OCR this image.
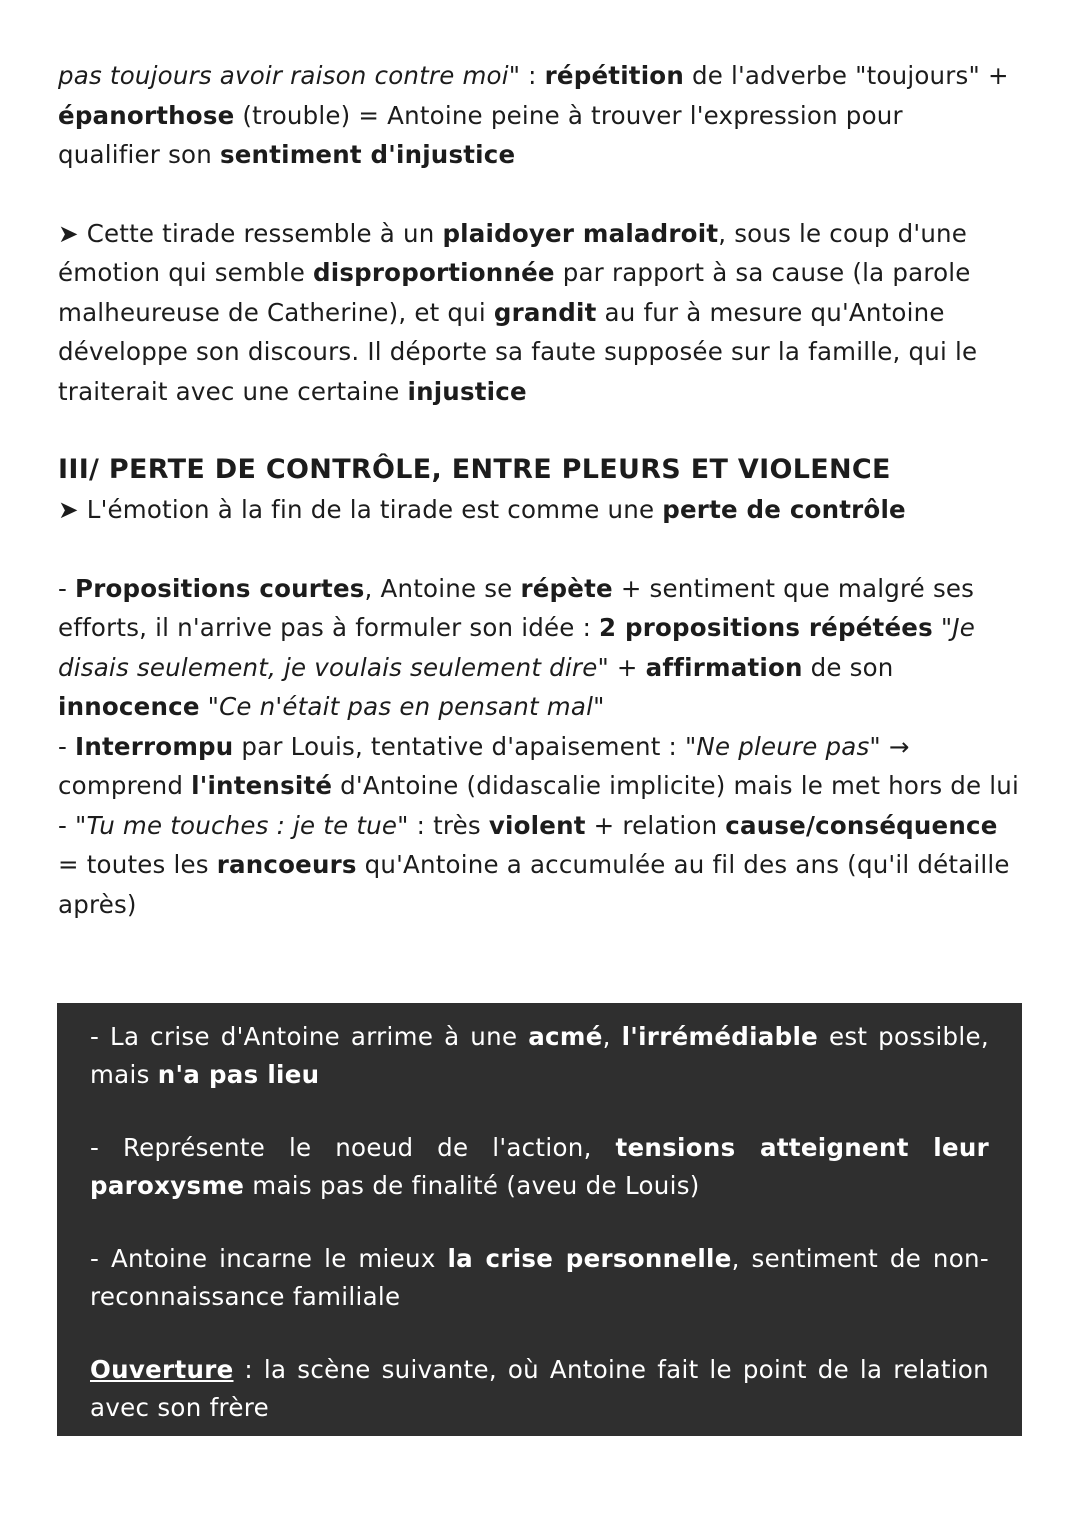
pas toujours avoir raison contre moi" : répétition de l'adverbe "toujours" +
épanorthose (trouble) = Antoine peine à trouver l'expression pour
qualifier son sentiment d'injustice

➤ Cette tirade ressemble à un plaidoyer maladroit, sous le coup d'une émotion qui semble disproportionnée par rapport à sa cause (la parole malheureuse de Catherine), et qui grandit au fur à mesure qu'Antoine développe son discours. Il déporte sa faute supposée sur la famille, qui le traiterait avec une certaine injustice

III/ PERTE DE CONTRÔLE, ENTRE PLEURS ET VIOLENCE

➤ L'émotion à la fin de la tirade est comme une perte de contrôle

- Propositions courtes, Antoine se répète + sentiment que malgré ses efforts, il n'arrive pas à formuler son idée : 2 propositions répétées "Je disais seulement, je voulais seulement dire" + affirmation de son innocence "Ce n'était pas en pensant mal"
- Interrompu par Louis, tentative d'apaisement : "Ne pleure pas" → comprend l'intensité d'Antoine (didascalie implicite) mais le met hors de lui
- "Tu me touches : je te tue" : très violent + relation cause/conséquence = toutes les rancoeurs qu'Antoine a accumulée au fil des ans (qu'il détaille après)

- La crise d'Antoine arrime à une acmé, l'irrémédiable est possible, mais n'a pas lieu

- Représente le noeud de l'action, tensions atteignent leur paroxysme mais pas de finalité (aveu de Louis)

- Antoine incarne le mieux la crise personnelle, sentiment de non-reconnaissance familiale

Ouverture : la scène suivante, où Antoine fait le point de la relation avec son frère
